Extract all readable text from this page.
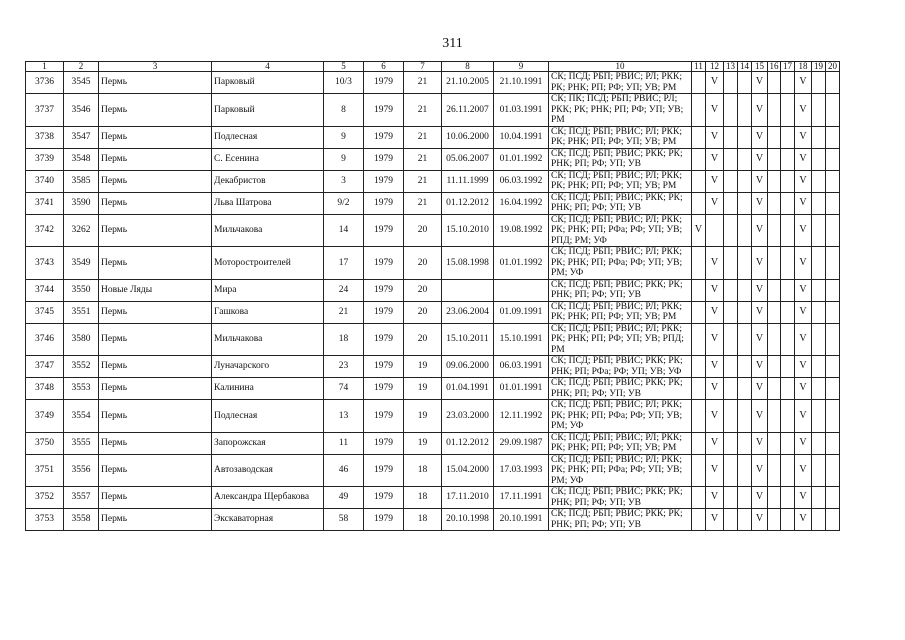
311
1	2	3	4	5	6	7	8	9	10	11	12	13	14	15	16	17	18	19	20
3736	3545	Пермь	Парковый	10/3	1979	21	21.10.2005	21.10.1991	СК; ПСД; РБП; РВИС; РЛ; РКК; РК; РНК; РП; РФ; УП; УВ; РМ		V			V			V		
3737	3546	Пермь	Парковый	8	1979	21	26.11.2007	01.03.1991	СК; ПК; ПСД; РБП; РВИС; РЛ; РКК; РК; РНК; РП; РФ; УП; УВ; РМ		V			V			V		
3738	3547	Пермь	Подлесная	9	1979	21	10.06.2000	10.04.1991	СК; ПСД; РБП; РВИС; РЛ; РКК; РК; РНК; РП; РФ; УП; УВ; РМ		V			V			V		
3739	3548	Пермь	С. Есенина	9	1979	21	05.06.2007	01.01.1992	СК; ПСД; РБП; РВИС; РКК; РК; РНК; РП; РФ; УП; УВ		V			V			V		
3740	3585	Пермь	Декабристов	3	1979	21	11.11.1999	06.03.1992	СК; ПСД; РБП; РВИС; РЛ; РКК; РК; РНК; РП; РФ; УП; УВ; РМ		V			V			V		
3741	3590	Пермь	Льва Шатрова	9/2	1979	21	01.12.2012	16.04.1992	СК; ПСД; РБП; РВИС; РКК; РК; РНК; РП; РФ; УП; УВ		V			V			V		
3742	3262	Пермь	Мильчакова	14	1979	20	15.10.2010	19.08.1992	СК; ПСД; РБП; РВИС; РЛ; РКК; РК; РНК; РП; РФа; РФ; УП; УВ; РПД; РМ; УФ	V				V			V		
3743	3549	Пермь	Моторостроителей	17	1979	20	15.08.1998	01.01.1992	СК; ПСД; РБП; РВИС; РЛ; РКК; РК; РНК; РП; РФа; РФ; УП; УВ; РМ; УФ		V			V			V		
3744	3550	Новые Ляды	Мира	24	1979	20			СК; ПСД; РБП; РВИС; РКК; РК; РНК; РП; РФ; УП; УВ		V			V			V		
3745	3551	Пермь	Гашкова	21	1979	20	23.06.2004	01.09.1991	СК; ПСД; РБП; РВИС; РЛ; РКК; РК; РНК; РП; РФ; УП; УВ; РМ		V			V			V		
3746	3580	Пермь	Мильчакова	18	1979	20	15.10.2011	15.10.1991	СК; ПСД; РБП; РВИС; РЛ; РКК; РК; РНК; РП; РФ; УП; УВ; РПД; РМ		V			V			V		
3747	3552	Пермь	Луначарского	23	1979	19	09.06.2000	06.03.1991	СК; ПСД; РБП; РВИС; РКК; РК; РНК; РП; РФа; РФ; УП; УВ; УФ		V			V			V		
3748	3553	Пермь	Калинина	74	1979	19	01.04.1991	01.01.1991	СК; ПСД; РБП; РВИС; РКК; РК; РНК; РП; РФ; УП; УВ		V			V			V		
3749	3554	Пермь	Подлесная	13	1979	19	23.03.2000	12.11.1992	СК; ПСД; РБП; РВИС; РЛ; РКК; РК; РНК; РП; РФа; РФ; УП; УВ; РМ; УФ		V			V			V		
3750	3555	Пермь	Запорожская	11	1979	19	01.12.2012	29.09.1987	СК; ПСД; РБП; РВИС; РЛ; РКК; РК; РНК; РП; РФ; УП; УВ; РМ		V			V			V		
3751	3556	Пермь	Автозаводская	46	1979	18	15.04.2000	17.03.1993	СК; ПСД; РБП; РВИС; РЛ; РКК; РК; РНК; РП; РФа; РФ; УП; УВ; РМ; УФ		V			V			V		
3752	3557	Пермь	Александра Щербакова	49	1979	18	17.11.2010	17.11.1991	СК; ПСД; РБП; РВИС; РКК; РК; РНК; РП; РФ; УП; УВ		V			V			V		
3753	3558	Пермь	Экскаваторная	58	1979	18	20.10.1998	20.10.1991	СК; ПСД; РБП; РВИС; РКК; РК; РНК; РП; РФ; УП; УВ		V			V			V		
